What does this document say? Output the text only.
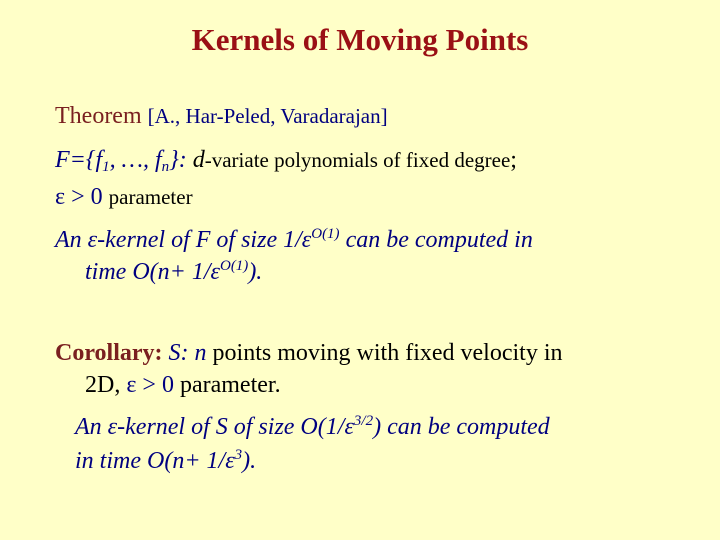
Kernels of Moving Points
Theorem [A., Har-Peled, Varadarajan]
$F=\{f_1$, …, $f_n$}: d-variate polynomials of fixed degree;
ε > 0 parameter
An ε-kernel of F of size $1/\varepsilon^{O(1)}$ can be computed in
time $O(n+ 1/\varepsilon^{O(1)})$.
Corollary: S: n points moving with fixed velocity in
2D, ε > 0 parameter.
An ε-kernel of S of size $O(1/\varepsilon^{3/2})$ can be computed
in time $O(n+ 1/\varepsilon^3)$.
